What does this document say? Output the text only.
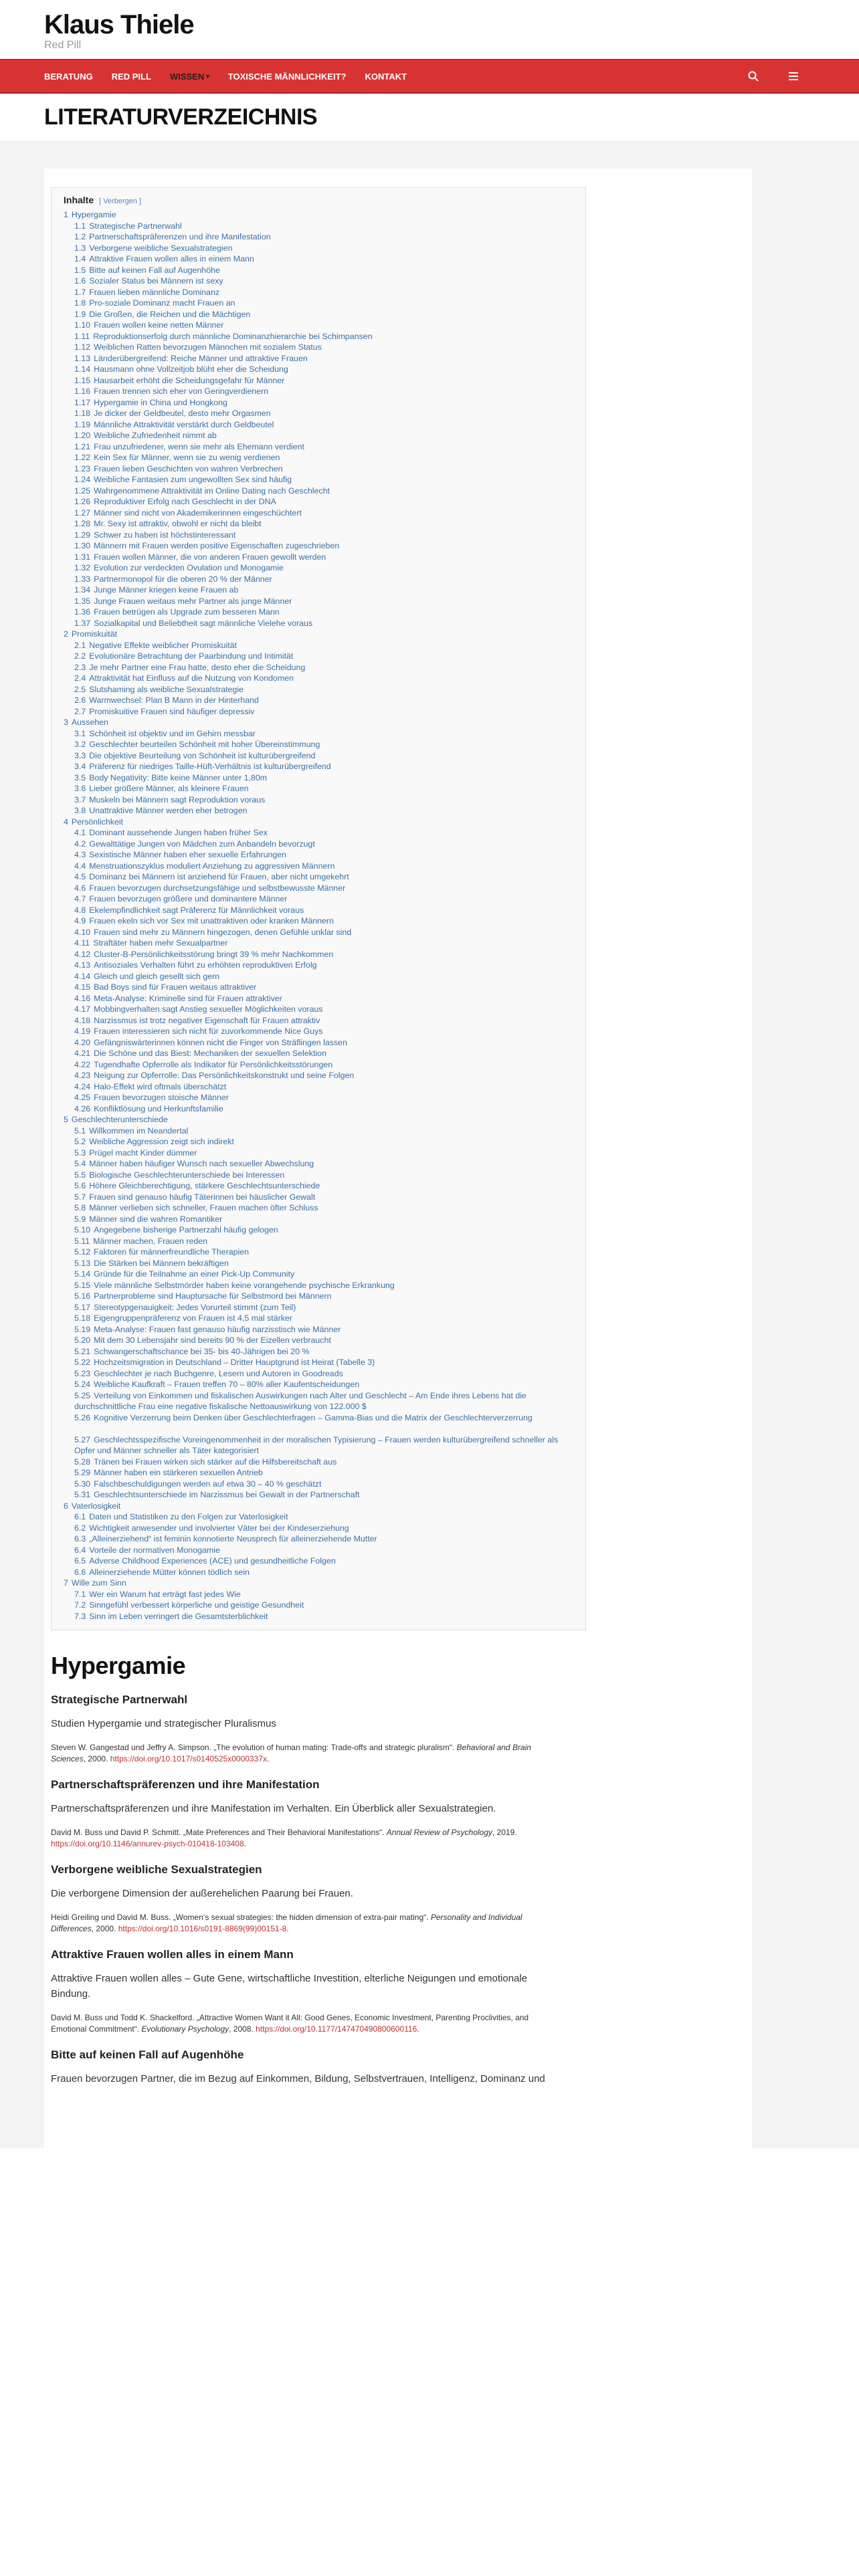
Klaus Thiele
Red Pill
BERATUNG RED PILL WISSEN ▾ TOXISCHE MÄNNLICHKEIT? KONTAKT
LITERATURVERZEICHNIS
Inhalte [ Verbergen ]
1 Hypergamie
1.1 Strategische Partnerwahl
1.2 Partnerschaftspräferenzen und ihre Manifestation
1.3 Verborgene weibliche Sexualstrategien
1.4 Attraktive Frauen wollen alles in einem Mann
1.5 Bitte auf keinen Fall auf Augenhöhe
1.6 Sozialer Status bei Männern ist sexy
1.7 Frauen lieben männliche Dominanz
1.8 Pro-soziale Dominanz macht Frauen an
1.9 Die Großen, die Reichen und die Mächtigen
1.10 Frauen wollen keine netten Männer
1.11 Reproduktionserfolg durch männliche Dominanzhierarchie bei Schimpansen
1.12 Weiblichen Ratten bevorzugen Männchen mit sozialem Status
1.13 Länderübergreifend: Reiche Männer und attraktive Frauen
1.14 Hausmann ohne Vollzeitjob blüht eher die Scheidung
1.15 Hausarbeit erhöht die Scheidungsgefahr für Männer
1.16 Frauen trennen sich eher von Geringverdienern
1.17 Hypergamie in China und Hongkong
1.18 Je dicker der Geldbeutel, desto mehr Orgasmen
1.19 Männliche Attraktivität verstärkt durch Geldbeutel
1.20 Weibliche Zufriedenheit nimmt ab
1.21 Frau unzufriedener, wenn sie mehr als Ehemann verdient
1.22 Kein Sex für Männer, wenn sie zu wenig verdienen
1.23 Frauen lieben Geschichten von wahren Verbrechen
1.24 Weibliche Fantasien zum ungewollten Sex sind häufig
1.25 Wahrgenommene Attraktivität im Online Dating nach Geschlecht
1.26 Reproduktiver Erfolg nach Geschlecht in der DNA
1.27 Männer sind nicht von Akademikerinnen eingeschüchtert
1.28 Mr. Sexy ist attraktiv, obwohl er nicht da bleibt
1.29 Schwer zu haben ist höchstinteressant
1.30 Männern mit Frauen werden positive Eigenschaften zugeschrieben
1.31 Frauen wollen Männer, die von anderen Frauen gewollt werden
1.32 Evolution zur verdeckten Ovulation und Monogamie
1.33 Partnermonopol für die oberen 20 % der Männer
1.34 Junge Männer kriegen keine Frauen ab
1.35 Junge Frauen weitaus mehr Partner als junge Männer
1.36 Frauen betrügen als Upgrade zum besseren Mann
1.37 Sozialkapital und Beliebtheit sagt männliche Vielehe voraus
2 Promiskuität
2.1 Negative Effekte weiblicher Promiskuität
2.2 Evolutionäre Betrachtung der Paarbindung und Intimität
2.3 Je mehr Partner eine Frau hatte, desto eher die Scheidung
2.4 Attraktivität hat Einfluss auf die Nutzung von Kondomen
2.5 Slutshaming als weibliche Sexualstrategie
2.6 Warmwechsel: Plan B Mann in der Hinterhand
2.7 Promiskuitive Frauen sind häufiger depressiv
3 Aussehen
3.1 Schönheit ist objektiv und im Gehirn messbar
3.2 Geschlechter beurteilen Schönheit mit hoher Übereinstimmung
3.3 Die objektive Beurteilung von Schönheit ist kulturübergreifend
3.4 Präferenz für niedriges Taille-Hüft-Verhältnis ist kulturübergreifend
3.5 Body Negativity: Bitte keine Männer unter 1,80m
3.6 Lieber größere Männer, als kleinere Frauen
3.7 Muskeln bei Männern sagt Reproduktion voraus
3.8 Unattraktive Männer werden eher betrogen
4 Persönlichkeit
4.1 Dominant aussehende Jungen haben früher Sex
4.2 Gewalttätige Jungen von Mädchen zum Anbandeln bevorzugt
4.3 Sexistische Männer haben eher sexuelle Erfahrungen
4.4 Menstruationszyklus moduliert Anziehung zu aggressiven Männern
4.5 Dominanz bei Männern ist anziehend für Frauen, aber nicht umgekehrt
4.6 Frauen bevorzugen durchsetzungsfähige und selbstbewusste Männer
4.7 Frauen bevorzugen größere und dominantere Männer
4.8 Ekelempfindlichkeit sagt Präferenz für Männlichkeit voraus
4.9 Frauen ekeln sich vor Sex mit unattraktiven oder kranken Männern
4.10 Frauen sind mehr zu Männern hingezogen, denen Gefühle unklar sind
4.11 Straftäter haben mehr Sexualpartner
4.12 Cluster-B-Persönlichkeitsstörung bringt 39 % mehr Nachkommen
4.13 Antisoziales Verhalten führt zu erhöhten reproduktiven Erfolg
4.14 Gleich und gleich gesellt sich gern
4.15 Bad Boys sind für Frauen weitaus attraktiver
4.16 Meta-Analyse: Kriminelle sind für Frauen attraktiver
4.17 Mobbingverhalten sagt Anstieg sexueller Möglichkeiten voraus
4.18 Narzissmus ist trotz negativer Eigenschaft für Frauen attraktiv
4.19 Frauen interessieren sich nicht für zuvorkommende Nice Guys
4.20 Gefängniswärterinnen können nicht die Finger von Sträflingen lassen
4.21 Die Schöne und das Biest: Mechaniken der sexuellen Selektion
4.22 Tugendhafte Opferrolle als Indikator für Persönlichkeitsstörungen
4.23 Neigung zur Opferrolle: Das Persönlichkeitskonstrukt und seine Folgen
4.24 Halo-Effekt wird oftmals überschätzt
4.25 Frauen bevorzugen stoische Männer
4.26 Konfliktlösung und Herkunftsfamilie
5 Geschlechterunterschiede
5.1 Willkommen im Neandertal
5.2 Weibliche Aggression zeigt sich indirekt
5.3 Prügel macht Kinder dümmer
5.4 Männer haben häufiger Wunsch nach sexueller Abwechslung
5.5 Biologische Geschlechterunterschiede bei Interessen
5.6 Höhere Gleichberechtigung, stärkere Geschlechtsunterschiede
5.7 Frauen sind genauso häufig Täterinnen bei häuslicher Gewalt
5.8 Männer verlieben sich schneller, Frauen machen öfter Schluss
5.9 Männer sind die wahren Romantiker
5.10 Angegebene bisherige Partnerzahl häufig gelogen
5.11 Männer machen, Frauen reden
5.12 Faktoren für männerfreundliche Therapien
5.13 Die Stärken bei Männern bekräftigen
5.14 Gründe für die Teilnahme an einer Pick-Up Community
5.15 Viele männliche Selbstmörder haben keine vorangehende psychische Erkrankung
5.16 Partnerprobleme sind Hauptursache für Selbstmord bei Männern
5.17 Stereotypgenauigkeit: Jedes Vorurteil stimmt (zum Teil)
5.18 Eigengruppenpräferenz von Frauen ist 4,5 mal stärker
5.19 Meta-Analyse: Frauen fast genauso häufig narzisstisch wie Männer
5.20 Mit dem 30 Lebensjahr sind bereits 90 % der Eizellen verbraucht
5.21 Schwangerschaftschance bei 35- bis 40-Jährigen bei 20 %
5.22 Hochzeitsmigration in Deutschland – Dritter Hauptgrund ist Heirat (Tabelle 3)
5.23 Geschlechter je nach Buchgenre, Lesern und Autoren in Goodreads
5.24 Weibliche Kaufkraft – Frauen treffen 70 – 80% aller Kaufentscheidungen
5.25 Verteilung von Einkommen und fiskalischen Auswirkungen nach Alter und Geschlecht – Am Ende ihres Lebens hat die durchschnittliche Frau eine negative fiskalische Nettoauswirkung von 122.000 $
5.26 Kognitive Verzerrung beim Denken über Geschlechterfragen – Gamma-Bias und die Matrix der Geschlechterverzerrung
5.27 Geschlechtsspezifische Voreingenommenheit in der moralischen Typisierung – Frauen werden kulturübergreifend schneller als Opfer und Männer schneller als Täter kategorisiert
5.28 Tränen bei Frauen wirken sich stärker auf die Hilfsbereitschaft aus
5.29 Männer haben ein stärkeren sexuellen Antrieb
5.30 Falschbeschuldigungen werden auf etwa 30 – 40 % geschätzt
5.31 Geschlechtsunterschiede im Narzissmus bei Gewalt in der Partnerschaft
6 Vaterlosigkeit
6.1 Daten und Statistiken zu den Folgen zur Vaterlosigkeit
6.2 Wichtigkeit anwesender und involvierter Väter bei der Kindeserziehung
6.3 „Alleinerziehend“ ist feminin konnotierte Neusprech für alleinerziehende Mutter
6.4 Vorteile der normativen Monogamie
6.5 Adverse Childhood Experiences (ACE) und gesundheitliche Folgen
6.6 Alleinerziehende Mütter können tödlich sein
7 Wille zum Sinn
7.1 Wer ein Warum hat erträgt fast jedes Wie
7.2 Sinngefühl verbessert körperliche und geistige Gesundheit
7.3 Sinn im Leben verringert die Gesamtsterblichkeit
Hypergamie
Strategische Partnerwahl

Studien Hypergamie und strategischer Pluralismus

Steven W. Gangestad und Jeffry A. Simpson. „The evolution of human mating: Trade-offs and strategic pluralism“. Behavioral and Brain Sciences, 2000. https://doi.org/10.1017/s0140525x0000337x.

Partnerschaftspräferenzen und ihre Manifestation

Partnerschaftspräferenzen und ihre Manifestation im Verhalten. Ein Überblick aller Sexualstrategien.

David M. Buss und David P. Schmitt. „Mate Preferences and Their Behavioral Manifestations“. Annual Review of Psychology, 2019. https://doi.org/10.1146/annurev-psych-010418-103408.

Verborgene weibliche Sexualstrategien

Die verborgene Dimension der außerehelichen Paarung bei Frauen.

Heidi Greiling und David M. Buss. „Women’s sexual strategies: the hidden dimension of extra-pair mating“. Personality and Individual Differences, 2000. https://doi.org/10.1016/s0191-8869(99)00151-8.

Attraktive Frauen wollen alles in einem Mann

Attraktive Frauen wollen alles – Gute Gene, wirtschaftliche Investition, elterliche Neigungen und emotionale Bindung.

David M. Buss und Todd K. Shackelford. „Attractive Women Want it All: Good Genes, Economic Investment, Parenting Proclivities, and Emotional Commitment“. Evolutionary Psychology, 2008. https://doi.org/10.1177/147470490800600116.

Bitte auf keinen Fall auf Augenhöhe

Frauen bevorzugen Partner, die im Bezug auf Einkommen, Bildung, Selbstvertrauen, Intelligenz, Dominanz und
